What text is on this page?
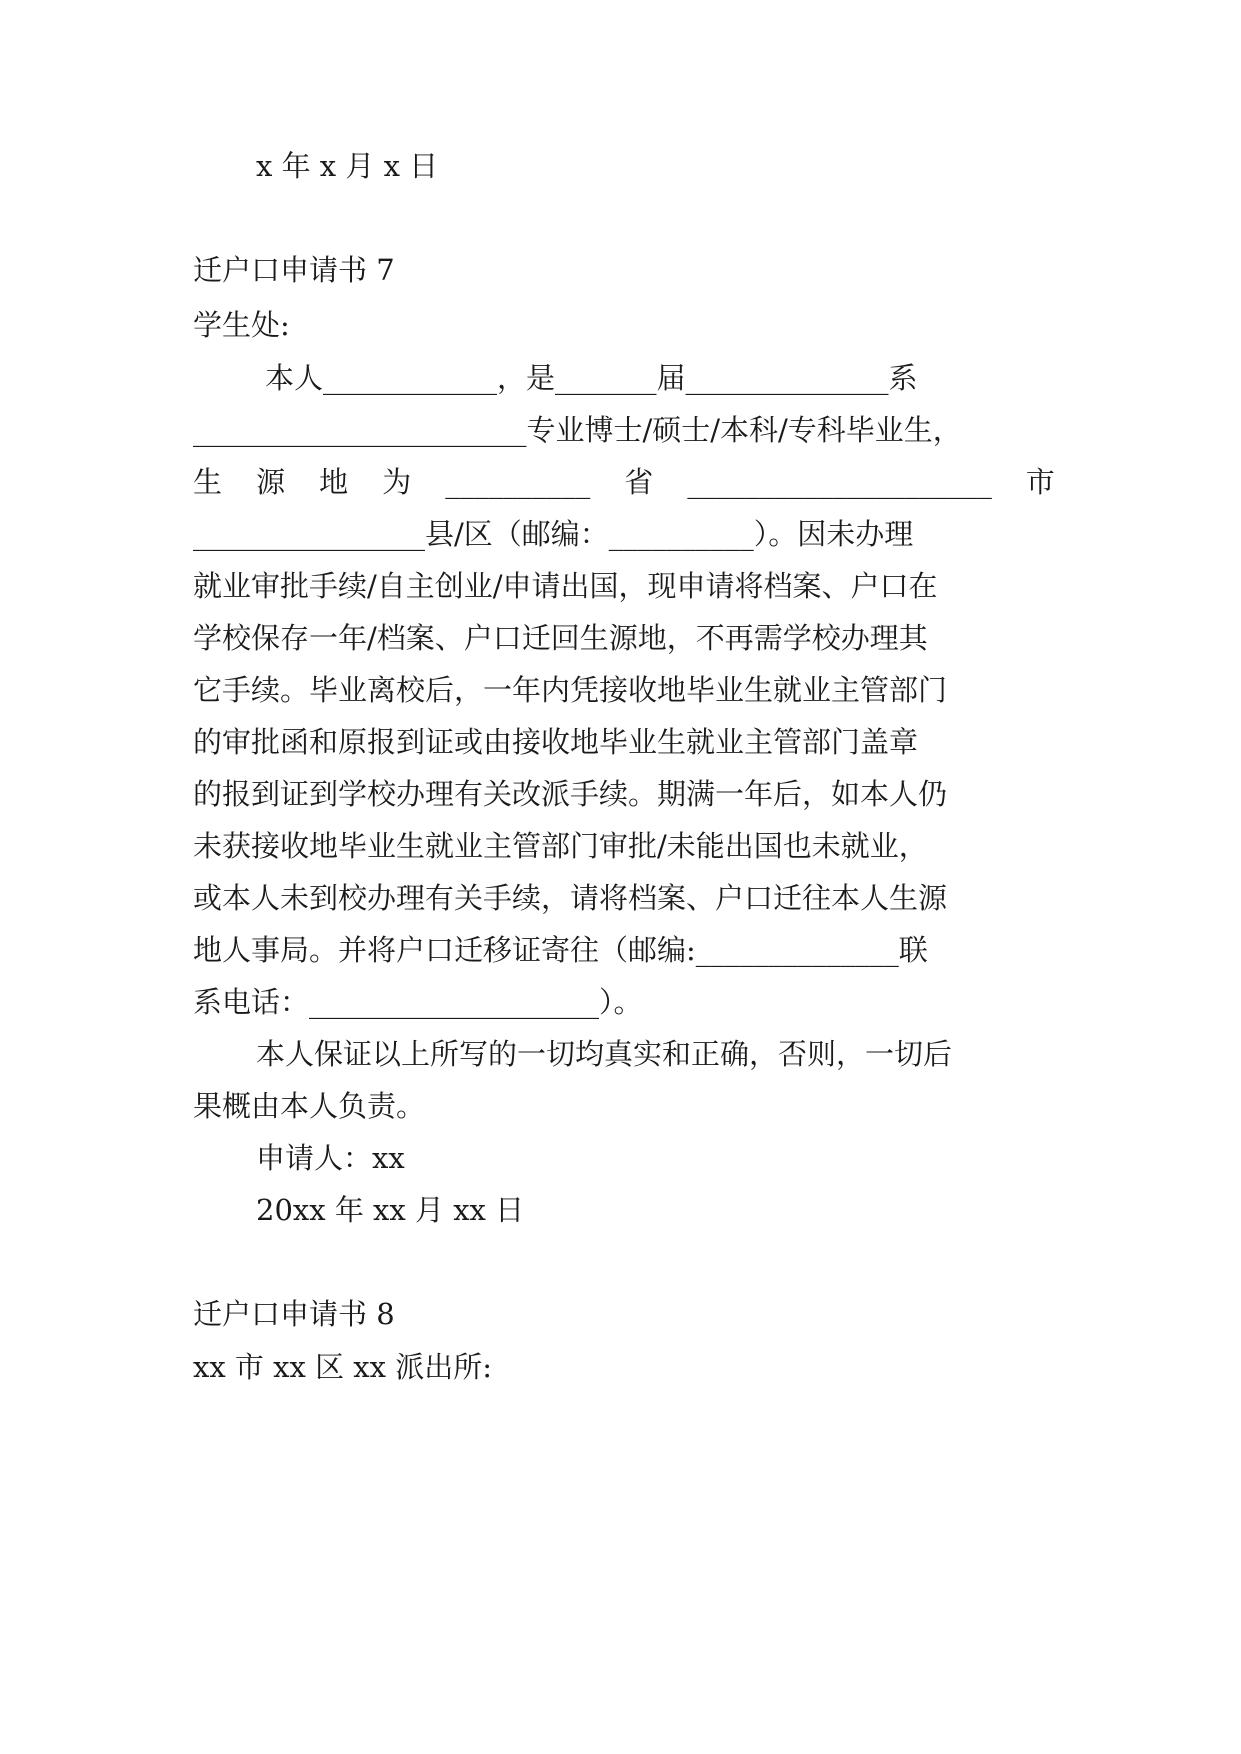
x 年 x 月 x 日
迁户口申请书 7
学生处:
本人____________，是_______届______________系
_______________________专业博士/硕士/本科/专科毕业生，
生 源 地 为 __________ 省 _____________________ 市
________________县/区（邮编：__________）。因未办理
就业审批手续/自主创业/申请出国，现申请将档案、户口在
学校保存一年/档案、户口迁回生源地，不再需学校办理其
它手续。毕业离校后，一年内凭接收地毕业生就业主管部门
的审批函和原报到证或由接收地毕业生就业主管部门盖章
的报到证到学校办理有关改派手续。期满一年后，如本人仍
未获接收地毕业生就业主管部门审批/未能出国也未就业，
或本人未到校办理有关手续，请将档案、户口迁往本人生源
地人事局。并将户口迁移证寄往（邮编:______________联
系电话：____________________）。
本人保证以上所写的一切均真实和正确，否则，一切后
果概由本人负责。
申请人：xx
20xx 年 xx 月 xx 日
迁户口申请书 8
xx 市 xx 区 xx 派出所:
